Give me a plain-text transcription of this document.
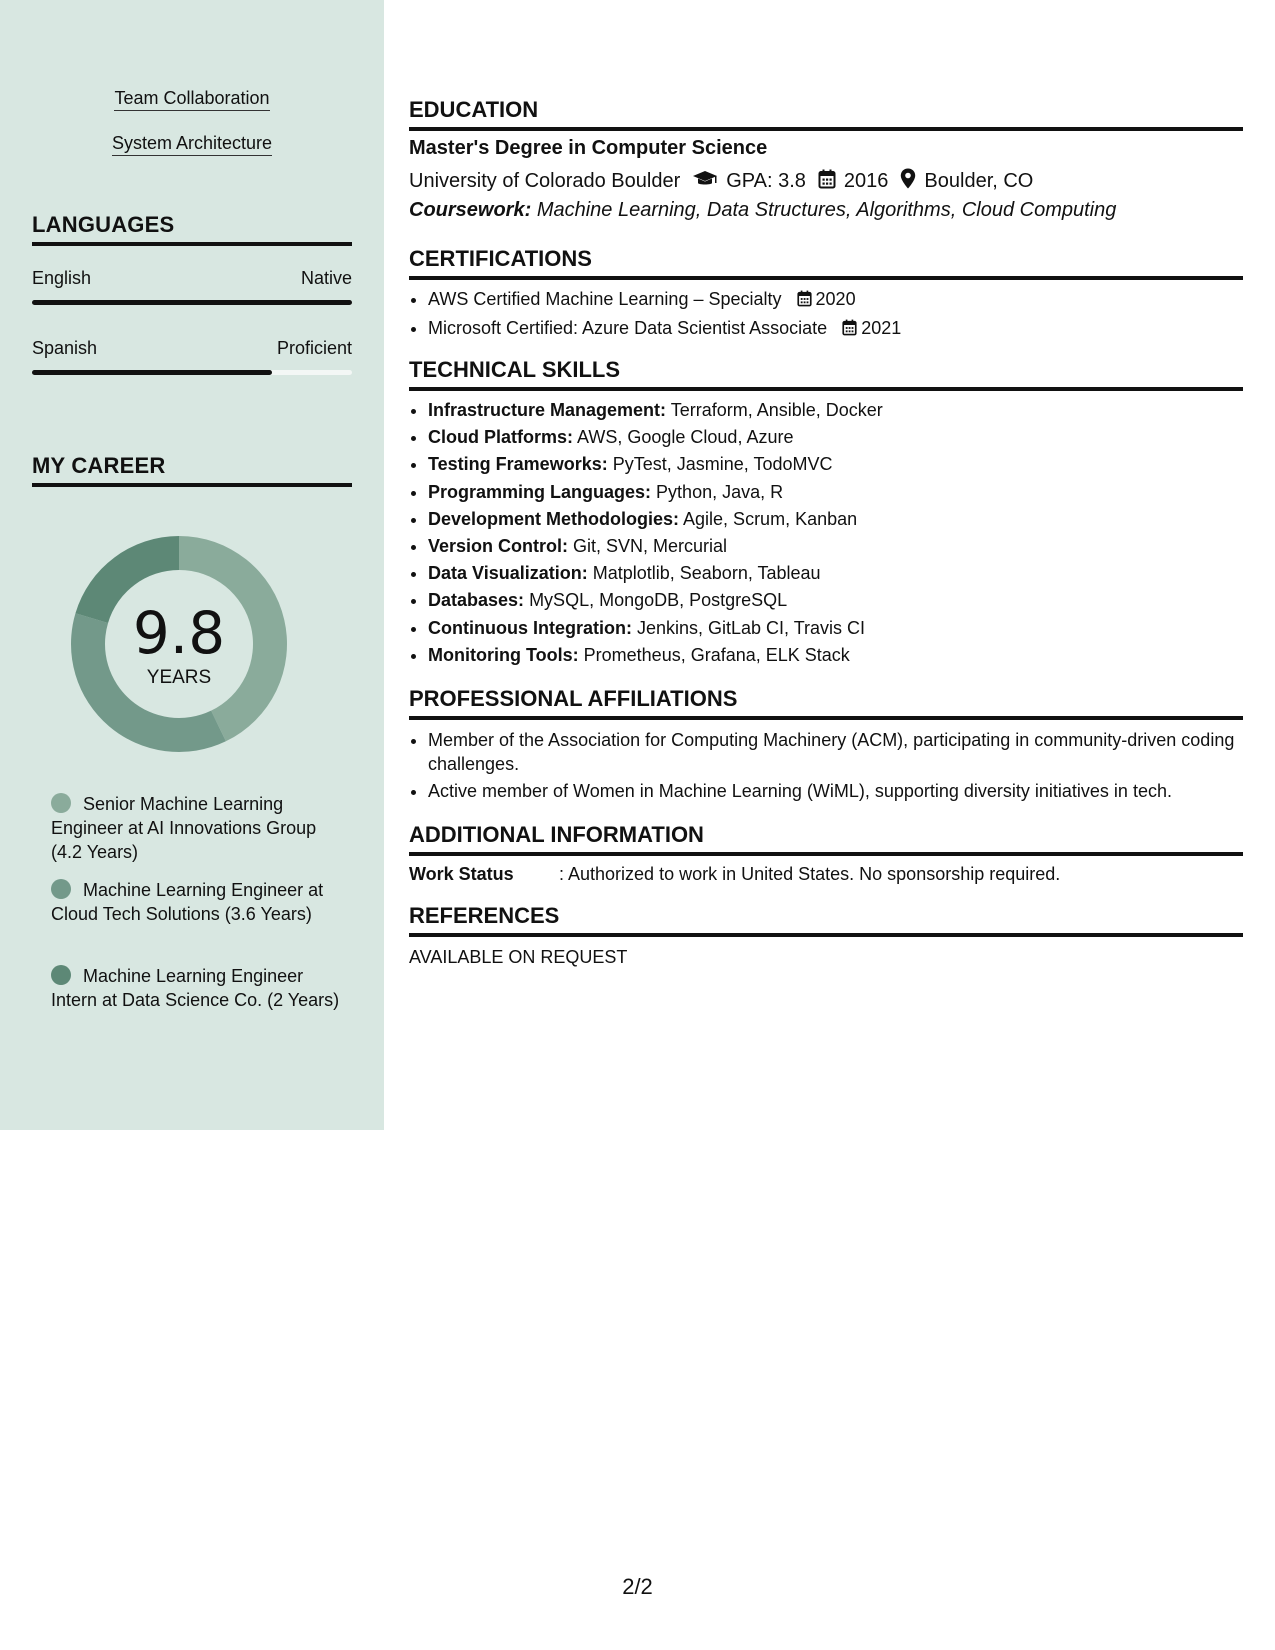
Team Collaboration
System Architecture
LANGUAGES
English	Native
Spanish	Proficient
MY CAREER
9.8
YEARS
Senior Machine Learning Engineer at AI Innovations Group (4.2 Years)
Machine Learning Engineer at Cloud Tech Solutions (3.6 Years)
Machine Learning Engineer Intern at Data Science Co. (2 Years)
EDUCATION
Master's Degree in Computer Science
University of Colorado Boulder GPA: 3.8 2016 Boulder, CO
Coursework: Machine Learning, Data Structures, Algorithms, Cloud Computing
CERTIFICATIONS
• AWS Certified Machine Learning – Specialty 2020
• Microsoft Certified: Azure Data Scientist Associate 2021
TECHNICAL SKILLS
• Infrastructure Management: Terraform, Ansible, Docker
• Cloud Platforms: AWS, Google Cloud, Azure
• Testing Frameworks: PyTest, Jasmine, TodoMVC
• Programming Languages: Python, Java, R
• Development Methodologies: Agile, Scrum, Kanban
• Version Control: Git, SVN, Mercurial
• Data Visualization: Matplotlib, Seaborn, Tableau
• Databases: MySQL, MongoDB, PostgreSQL
• Continuous Integration: Jenkins, GitLab CI, Travis CI
• Monitoring Tools: Prometheus, Grafana, ELK Stack
PROFESSIONAL AFFILIATIONS
• Member of the Association for Computing Machinery (ACM), participating in community-driven coding challenges.
• Active member of Women in Machine Learning (WiML), supporting diversity initiatives in tech.
ADDITIONAL INFORMATION
Work Status	: Authorized to work in United States. No sponsorship required.
REFERENCES
AVAILABLE ON REQUEST
2/2
